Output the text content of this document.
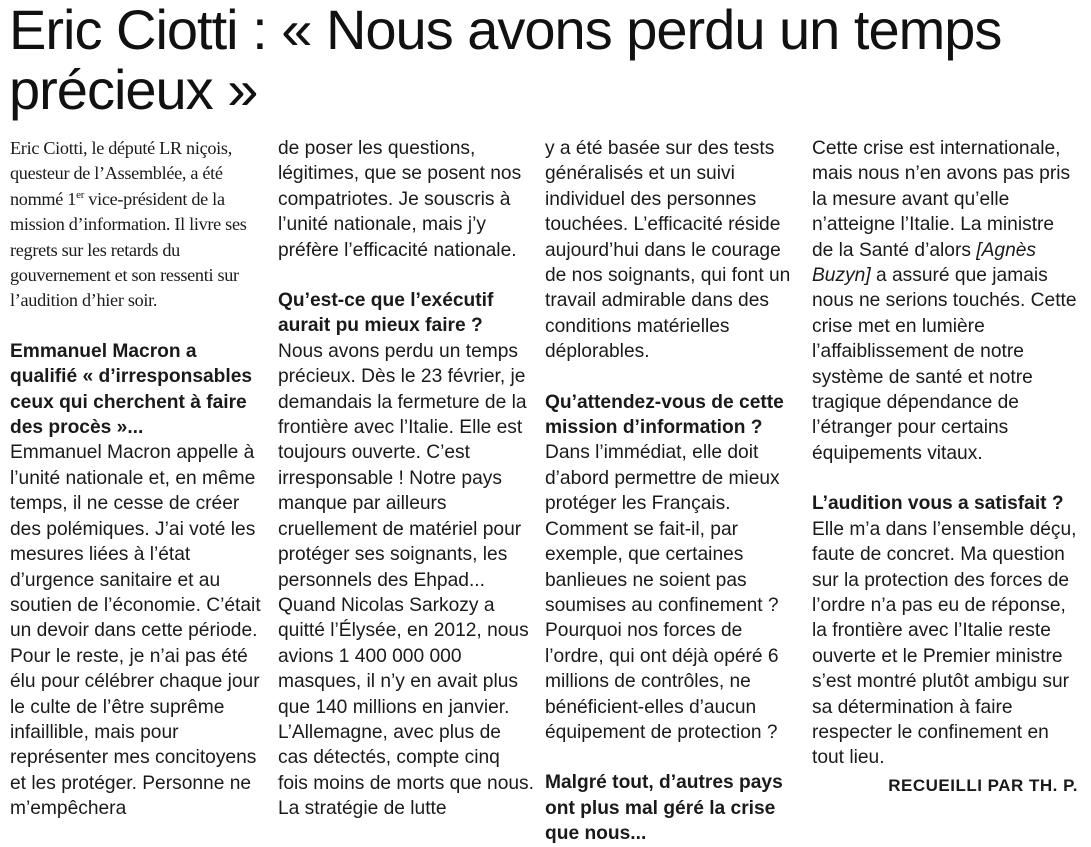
Eric Ciotti : « Nous avons perdu un temps précieux »

Eric Ciotti, le député LR niçois, questeur de l’Assemblée, a été nommé 1er vice-président de la mission d’information. Il livre ses regrets sur les retards du gouvernement et son ressenti sur l’audition d’hier soir.

Emmanuel Macron a qualifié « d’irresponsables ceux qui cherchent à faire des procès »...

Emmanuel Macron appelle à l’unité nationale et, en même temps, il ne cesse de créer des polémiques. J’ai voté les mesures liées à l’état d’urgence sanitaire et au soutien de l’économie. C’était un devoir dans cette période. Pour le reste, je n’ai pas été élu pour célébrer chaque jour le culte de l’être suprême infaillible, mais pour représenter mes concitoyens et les protéger. Personne ne m’empêchera

de poser les questions, légitimes, que se posent nos compatriotes. Je souscris à l’unité nationale, mais j’y préfère l’efficacité nationale.

Qu’est-ce que l’exécutif aurait pu mieux faire ?

Nous avons perdu un temps précieux. Dès le 23 février, je demandais la fermeture de la frontière avec l’Italie. Elle est toujours ouverte. C’est irresponsable ! Notre pays manque par ailleurs cruellement de matériel pour protéger ses soignants, les personnels des Ehpad... Quand Nicolas Sarkozy a quitté l’Élysée, en 2012, nous avions 1 400 000 000 masques, il n’y en avait plus que 140 millions en janvier. L’Allemagne, avec plus de cas détectés, compte cinq fois moins de morts que nous. La stratégie de lutte

y a été basée sur des tests généralisés et un suivi individuel des personnes touchées. L’efficacité réside aujourd’hui dans le courage de nos soignants, qui font un travail admirable dans des conditions matérielles déplorables.

Qu’attendez-vous de cette mission d’information ?

Dans l’immédiat, elle doit d’abord permettre de mieux protéger les Français. Comment se fait-il, par exemple, que certaines banlieues ne soient pas soumises au confinement ? Pourquoi nos forces de l’ordre, qui ont déjà opéré 6 millions de contrôles, ne bénéficient-elles d’aucun équipement de protection ?

Malgré tout, d’autres pays ont plus mal géré la crise que nous...

Cette crise est internationale, mais nous n’en avons pas pris la mesure avant qu’elle n’atteigne l’Italie. La ministre de la Santé d’alors [Agnès Buzyn] a assuré que jamais nous ne serions touchés. Cette crise met en lumière l’affaiblissement de notre système de santé et notre tragique dépendance de l’étranger pour certains équipements vitaux.

L’audition vous a satisfait ?

Elle m’a dans l’ensemble déçu, faute de concret. Ma question sur la protection des forces de l’ordre n’a pas eu de réponse, la frontière avec l’Italie reste ouverte et le Premier ministre s’est montré plutôt ambigu sur sa détermination à faire respecter le confinement en tout lieu.

RECUEILLI PAR TH. P.
